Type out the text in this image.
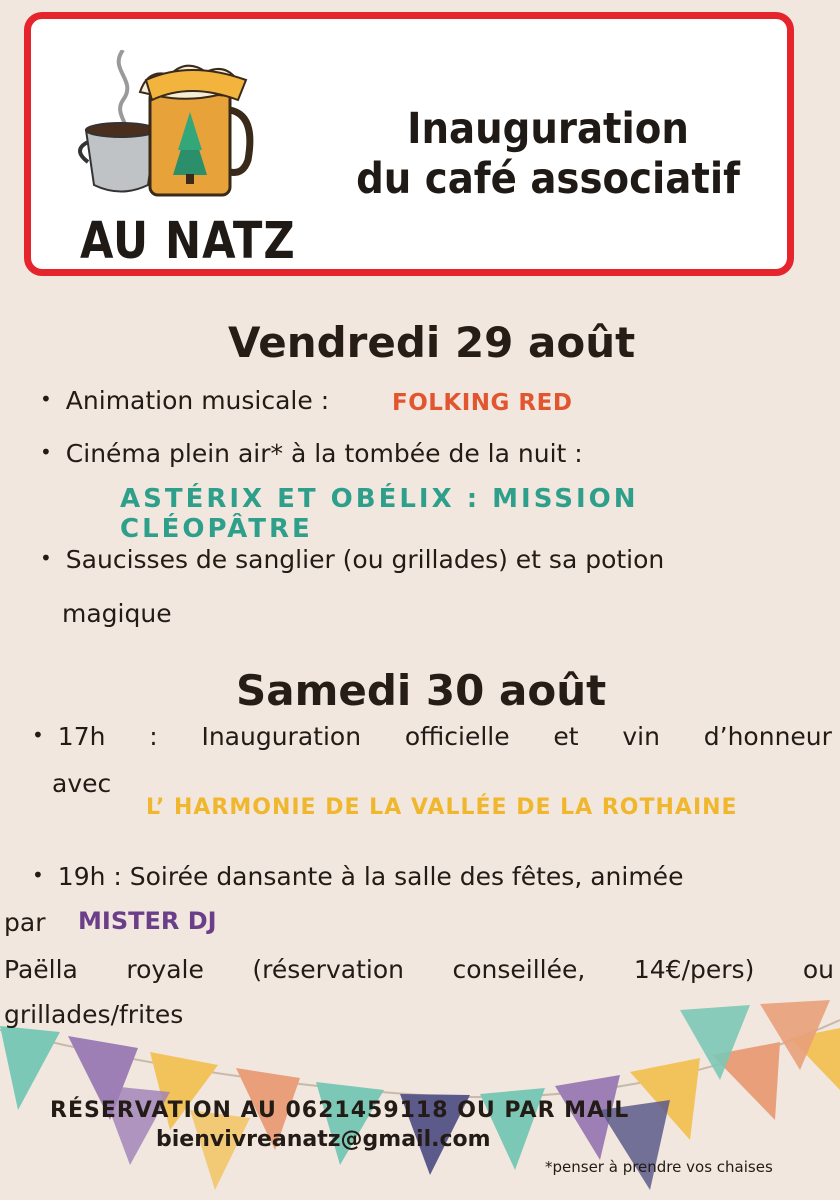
AU NATZ
Inauguration
du café associatif
Vendredi 29 août
• Animation musicale :	FOLKING RED
• Cinéma plein air* à la tombée de la nuit :
ASTÉRIX ET OBÉLIX : MISSION CLÉOPÂTRE
• Saucisses de sanglier (ou grillades) et sa potion
magique
Samedi 30 août
• 17h : Inauguration officielle et vin d’honneur
avec
L’ HARMONIE DE LA VALLÉE DE LA ROTHAINE
• 19h : Soirée dansante à la salle des fêtes, animée
par MISTER DJ
Paëlla royale (réservation conseillée, 14€/pers) ou
grillades/frites
RÉSERVATION AU 0621459118 OU PAR MAIL
bienvivreanatz@gmail.com
*penser à prendre vos chaises
